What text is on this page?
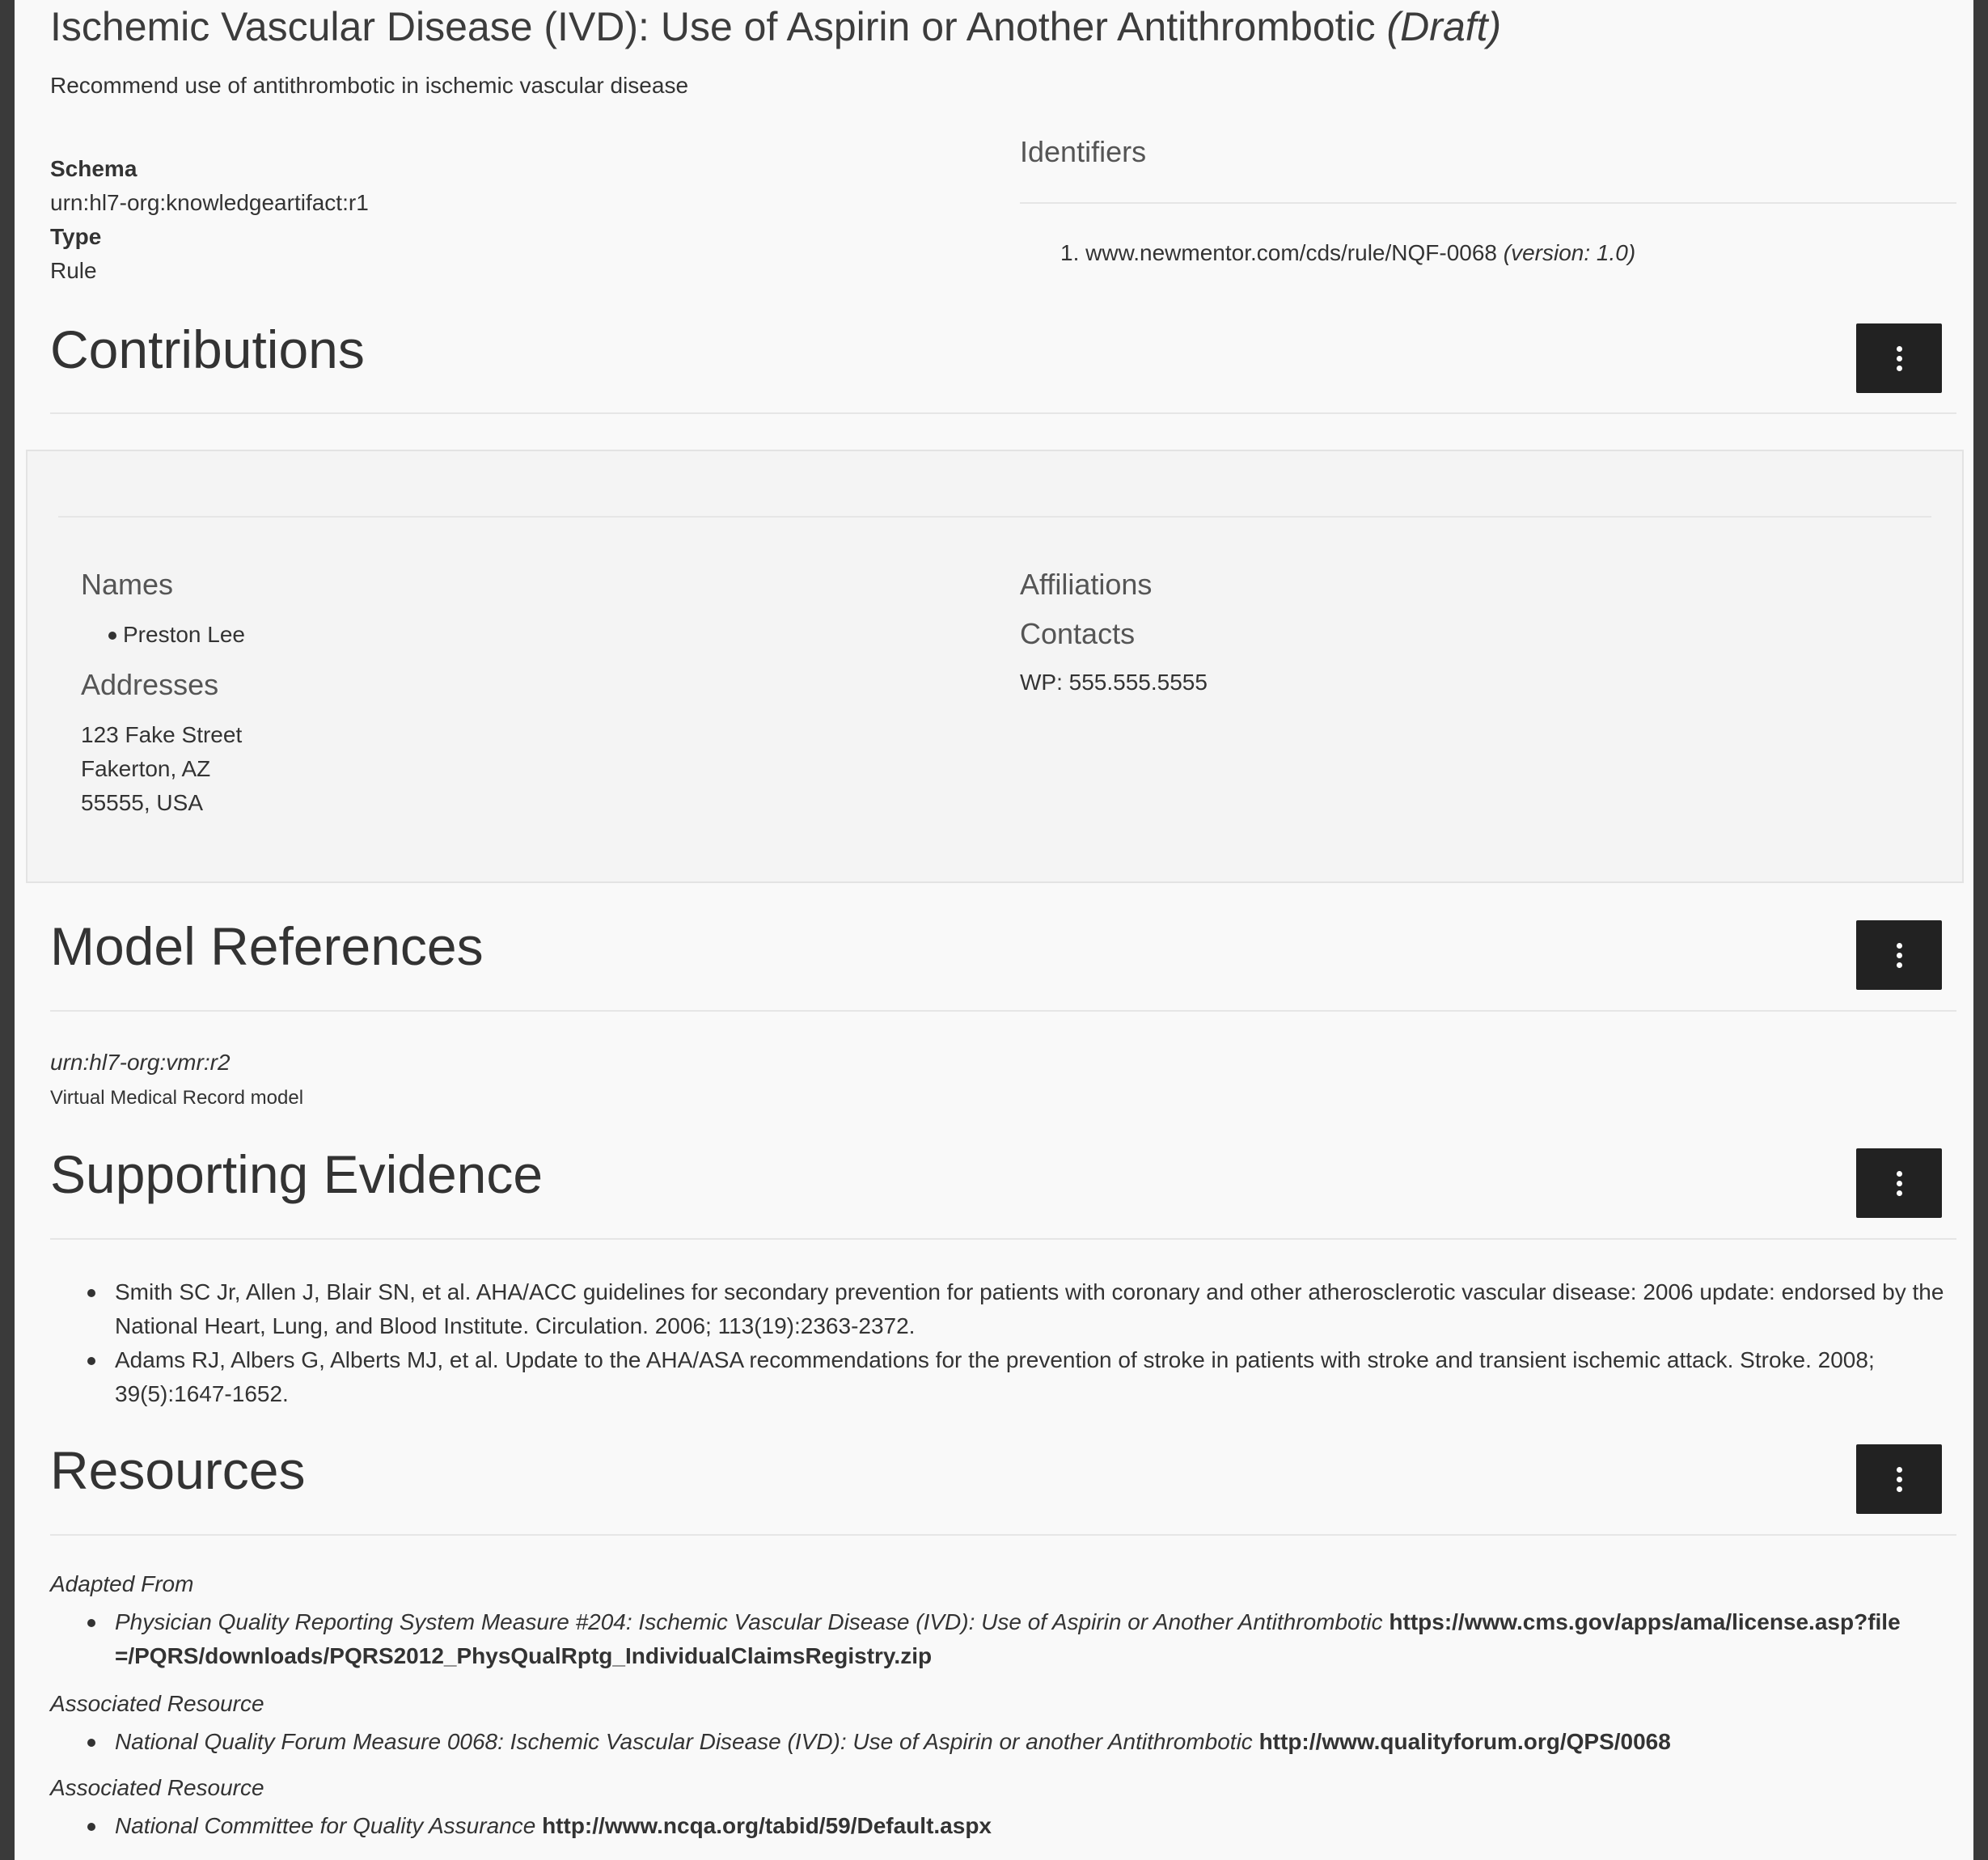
Ischemic Vascular Disease (IVD): Use of Aspirin or Another Antithrombotic (Draft)
Recommend use of antithrombotic in ischemic vascular disease
Schema
urn:hl7-org:knowledgeartifact:r1
Type
Rule
Identifiers
1. www.newmentor.com/cds/rule/NQF-0068 (version: 1.0)
Contributions
Names
Preston Lee
Addresses
123 Fake Street
Fakerton, AZ
55555, USA
Affiliations
Contacts
WP: 555.555.5555
Model References
urn:hl7-org:vmr:r2
Virtual Medical Record model
Supporting Evidence
Smith SC Jr, Allen J, Blair SN, et al. AHA/ACC guidelines for secondary prevention for patients with coronary and other atherosclerotic vascular disease: 2006 update: endorsed by the National Heart, Lung, and Blood Institute. Circulation. 2006; 113(19):2363-2372.
Adams RJ, Albers G, Alberts MJ, et al. Update to the AHA/ASA recommendations for the prevention of stroke in patients with stroke and transient ischemic attack. Stroke. 2008; 39(5):1647-1652.
Resources
Adapted From
Physician Quality Reporting System Measure #204: Ischemic Vascular Disease (IVD): Use of Aspirin or Another Antithrombotic https://www.cms.gov/apps/ama/license.asp?file=/PQRS/downloads/PQRS2012_PhysQualRptg_IndividualClaimsRegistry.zip
Associated Resource
National Quality Forum Measure 0068: Ischemic Vascular Disease (IVD): Use of Aspirin or another Antithrombotic http://www.qualityforum.org/QPS/0068
Associated Resource
National Committee for Quality Assurance http://www.ncqa.org/tabid/59/Default.aspx
